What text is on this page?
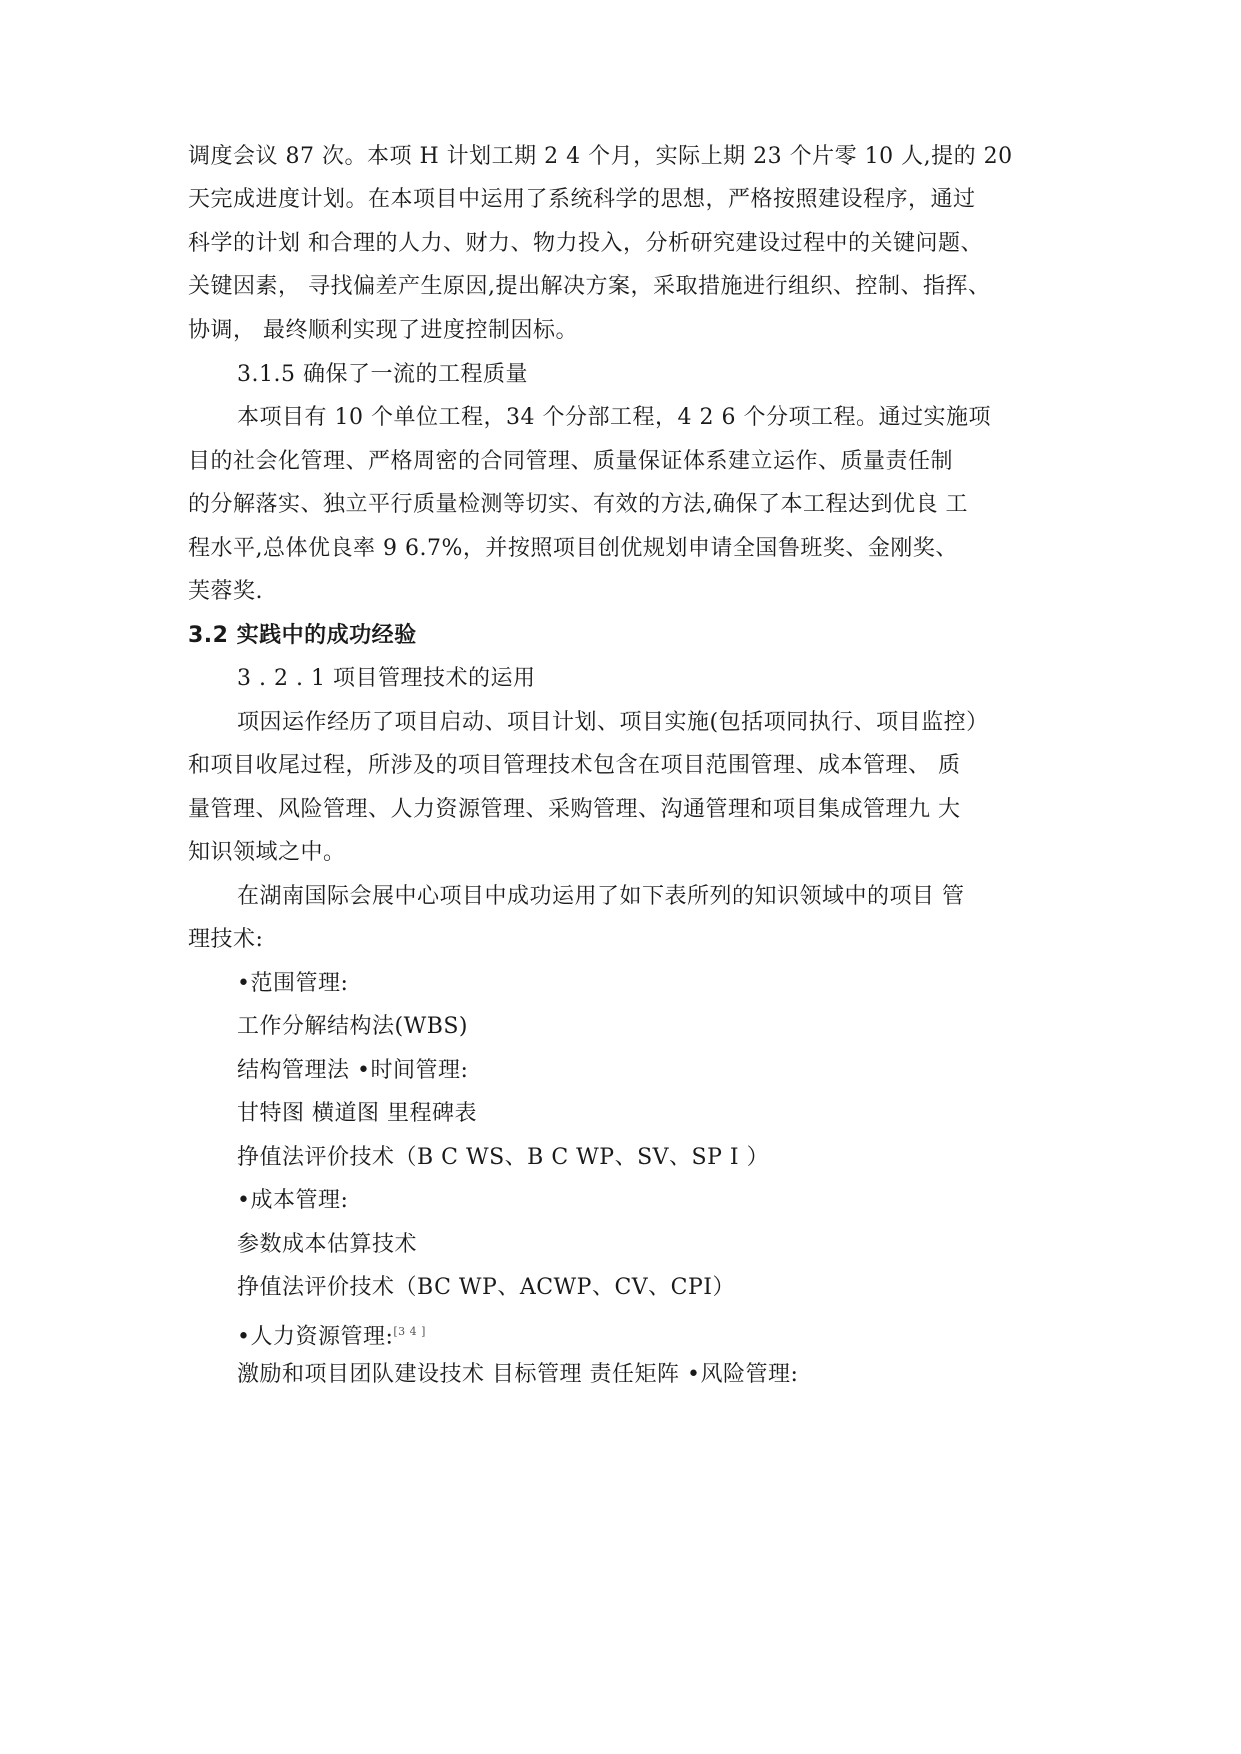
调度会议 87 次。本项 H 计划工期 2 4 个月，实际上期 23 个片零 10 人,提的 20
天完成进度计划。在本项目中运用了系统科学的思想，严格按照建设程序，通过
科学的计划 和合理的人力、财力、物力投入，分析研究建设过程中的关键问题、
关键因素， 寻找偏差产生原因,提出解决方案，采取措施进行组织、控制、指挥、
协调， 最终顺利实现了进度控制因标。
3.1.5 确保了一流的工程质量
本项目有 10 个单位工程，34 个分部工程，4 2 6 个分项工程。通过实施项
目的社会化管理、严格周密的合同管理、质量保证体系建立运作、质量责任制
的分解落实、独立平行质量检测等切实、有效的方法,确保了本工程达到优良 工
程水平,总体优良率 9 6.7%，并按照项目创优规划申请全国鲁班奖、金刚奖、
芙蓉奖.
3.2 实践中的成功经验
3 . 2 . 1 项目管理技术的运用
项因运作经历了项目启动、项目计划、项目实施(包括项同执行、项目监控）
和项目收尾过程，所涉及的项目管理技术包含在项目范围管理、成本管理、 质
量管理、风险管理、人力资源管理、采购管理、沟通管理和项目集成管理九 大
知识领域之中。
在湖南国际会展中心项目中成功运用了如下表所列的知识领域中的项目 管
理技术:
•范围管理:
工作分解结构法(WBS)
结构管理法 •时间管理:
甘特图 横道图 里程碑表
挣值法评价技术（B C WS、B C WP、SV、SP I ）
•成本管理:
参数成本估算技术
挣值法评价技术（BC WP、ACWP、CV、CPI）
•人力资源管理:[3 4 ]
激励和项目团队建设技术 目标管理 责任矩阵 •风险管理:
